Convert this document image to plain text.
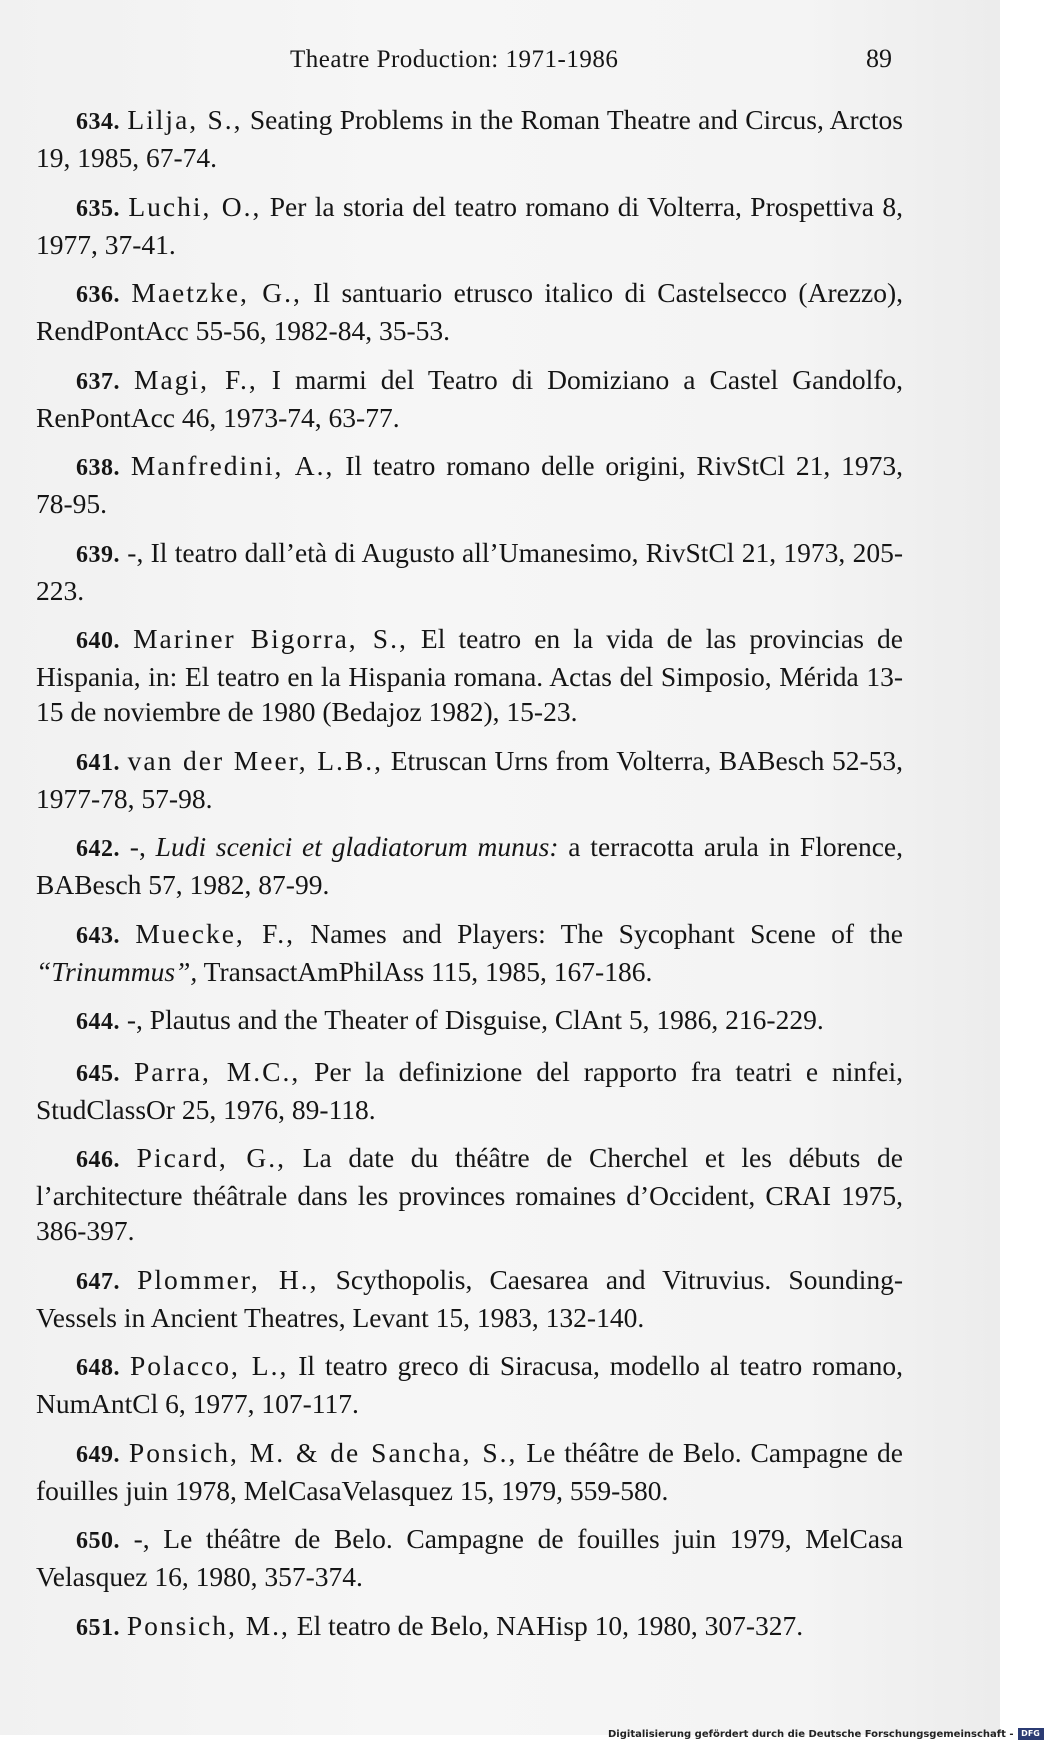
Theatre Production: 1971-1986	89

634. Lilja, S., Seating Problems in the Roman Theatre and Circus, Arctos 19, 1985, 67-74.

635. Luchi, O., Per la storia del teatro romano di Volterra, Prospettiva 8, 1977, 37-41.

636. Maetzke, G., Il santuario etrusco italico di Castelsecco (Arezzo), RendPontAcc 55-56, 1982-84, 35-53.

637. Magi, F., I marmi del Teatro di Domiziano a Castel Gandolfo, RenPontAcc 46, 1973-74, 63-77.

638. Manfredini, A., Il teatro romano delle origini, RivStCl 21, 1973, 78-95.

639. -, Il teatro dall’età di Augusto all’Umanesimo, RivStCl 21, 1973, 205-223.

640. Mariner Bigorra, S., El teatro en la vida de las provincias de Hispania, in: El teatro en la Hispania romana. Actas del Simposio, Mérida 13-15 de noviembre de 1980 (Bedajoz 1982), 15-23.

641. van der Meer, L.B., Etruscan Urns from Volterra, BABesch 52-53, 1977-78, 57-98.

642. -, Ludi scenici et gladiatorum munus: a terracotta arula in Florence, BABesch 57, 1982, 87-99.

643. Muecke, F., Names and Players: The Sycophant Scene of the “Trinummus”, TransactAmPhilAss 115, 1985, 167-186.

644. -, Plautus and the Theater of Disguise, ClAnt 5, 1986, 216-229.

645. Parra, M.C., Per la definizione del rapporto fra teatri e ninfei, StudClassOr 25, 1976, 89-118.

646. Picard, G., La date du théâtre de Cherchel et les débuts de l’architecture théâtrale dans les provinces romaines d’Occident, CRAI 1975, 386-397.

647. Plommer, H., Scythopolis, Caesarea and Vitruvius. Sounding-Vessels in Ancient Theatres, Levant 15, 1983, 132-140.

648. Polacco, L., Il teatro greco di Siracusa, modello al teatro romano, NumAntCl 6, 1977, 107-117.

649. Ponsich, M. & de Sancha, S., Le théâtre de Belo. Campagne de fouilles juin 1978, MelCasaVelasquez 15, 1979, 559-580.

650. -, Le théâtre de Belo. Campagne de fouilles juin 1979, MelCasa Velasquez 16, 1980, 357-374.

651. Ponsich, M., El teatro de Belo, NAHisp 10, 1980, 307-327.

Digitalisierung gefördert durch die Deutsche Forschungsgemeinschaft - DFG
